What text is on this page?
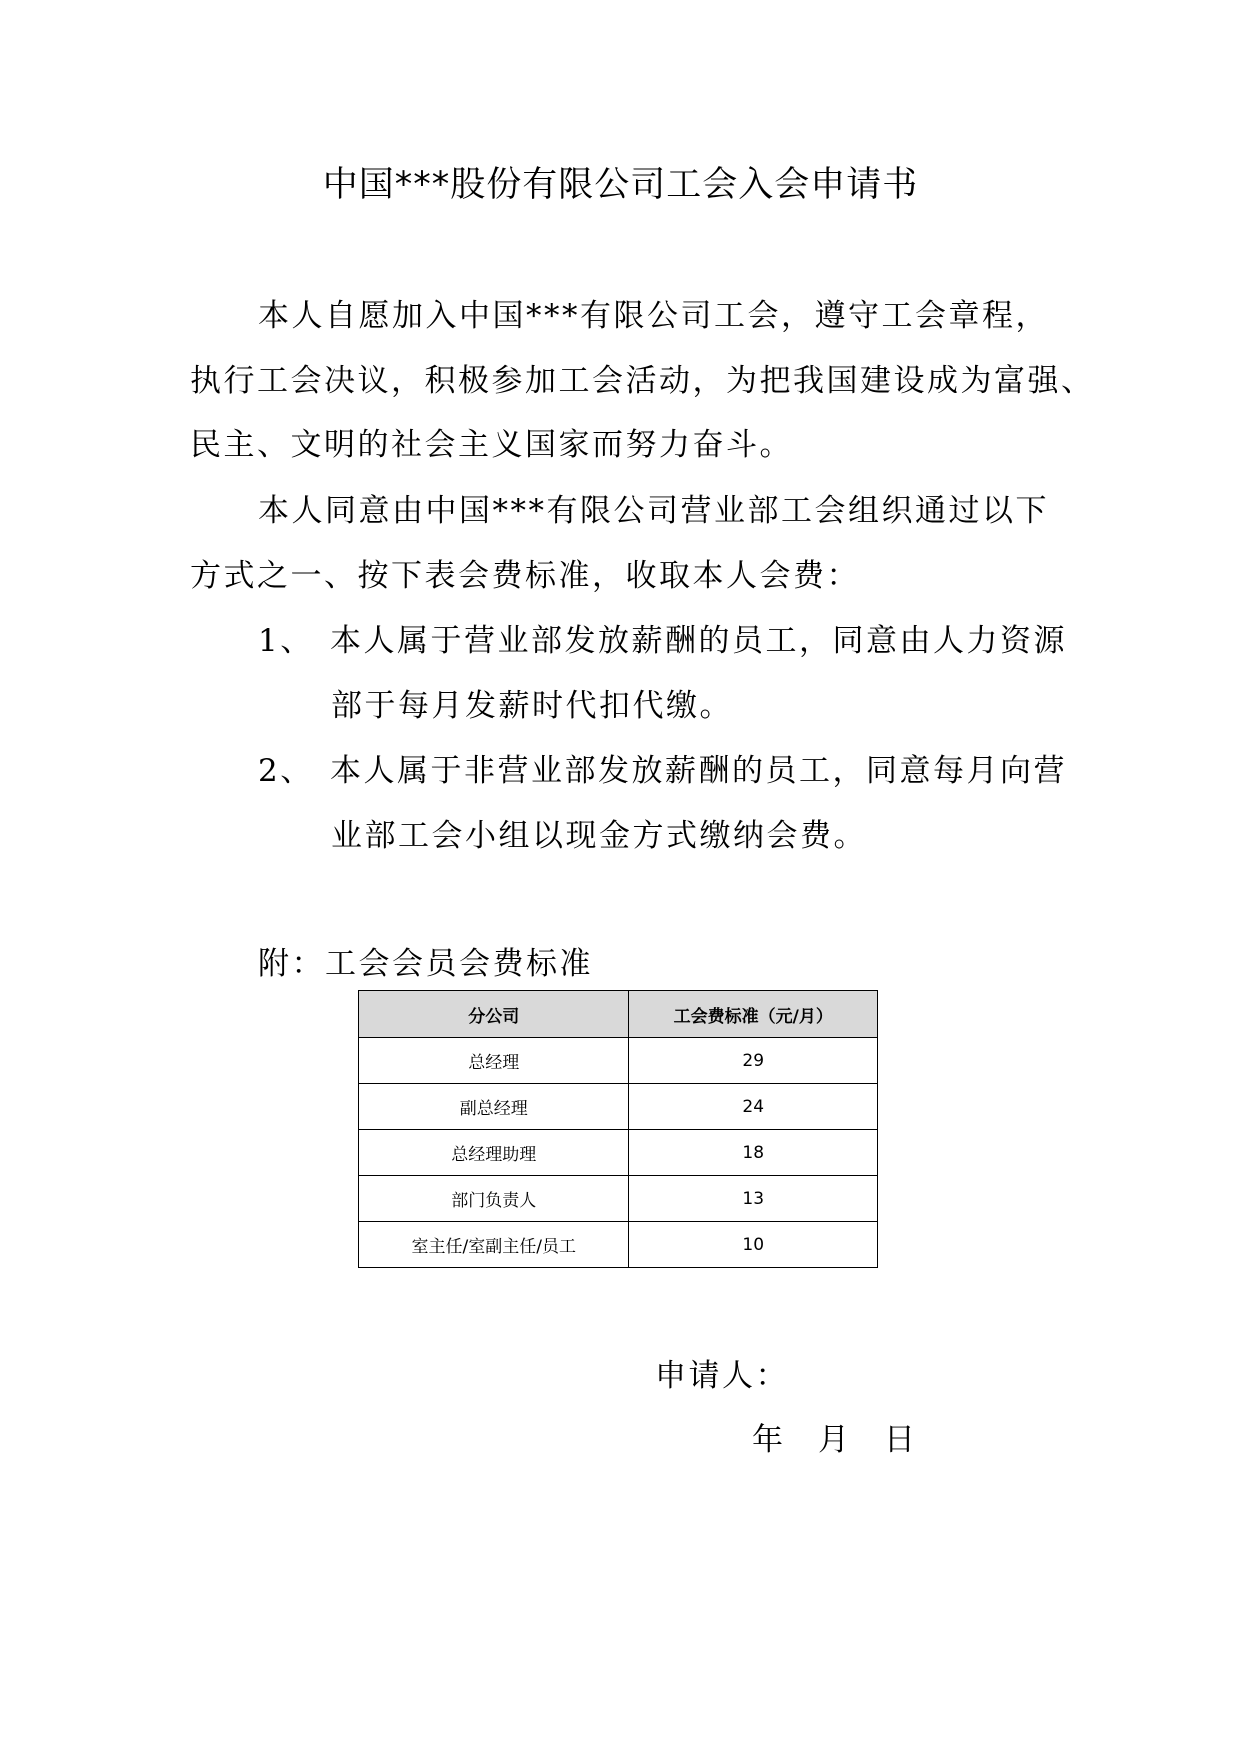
中国***股份有限公司工会入会申请书
本人自愿加入中国***有限公司工会，遵守工会章程，
执行工会决议，积极参加工会活动，为把我国建设成为富强、
民主、文明的社会主义国家而努力奋斗。
本人同意由中国***有限公司营业部工会组织通过以下
方式之一、按下表会费标准，收取本人会费：
1、 本人属于营业部发放薪酬的员工，同意由人力资源
部于每月发薪时代扣代缴。
2、 本人属于非营业部发放薪酬的员工，同意每月向营
业部工会小组以现金方式缴纳会费。
附：工会会员会费标准
分公司	工会费标准（元/月）
总经理	29
副总经理	24
总经理助理	18
部门负责人	13
室主任/室副主任/员工	10
申请人：
年 月 日
